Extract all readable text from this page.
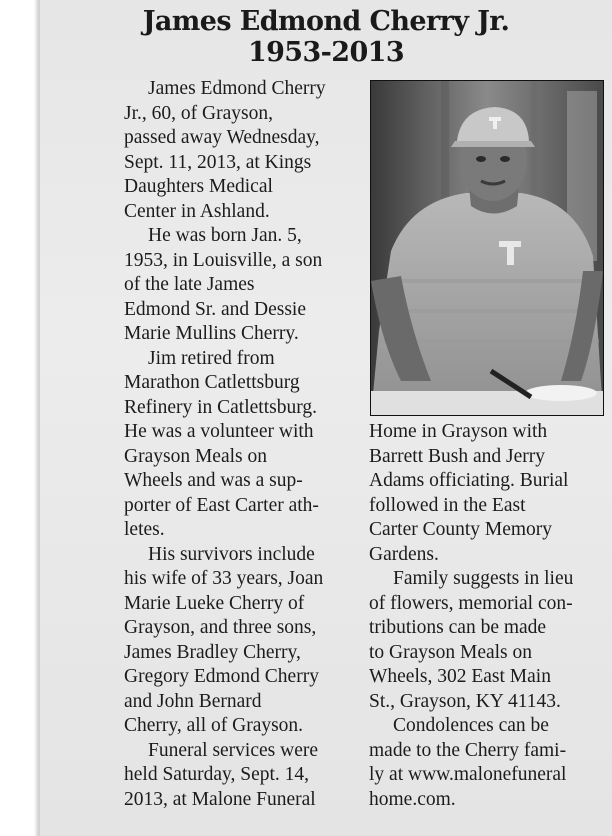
James Edmond Cherry Jr.
1953-2013
James Edmond Cherry
Jr., 60, of Grayson,
passed away Wednesday,
Sept. 11, 2013, at Kings
Daughters Medical
Center in Ashland.
He was born Jan. 5,
1953, in Louisville, a son
of the late James
Edmond Sr. and Dessie
Marie Mullins Cherry.
Jim retired from
Marathon Catlettsburg
Refinery in Catlettsburg.
He was a volunteer with
Grayson Meals on
Wheels and was a sup-
porter of East Carter ath-
letes.
His survivors include
his wife of 33 years, Joan
Marie Lueke Cherry of
Grayson, and three sons,
James Bradley Cherry,
Gregory Edmond Cherry
and John Bernard
Cherry, all of Grayson.
Funeral services were
held Saturday, Sept. 14,
2013, at Malone Funeral
Home in Grayson with
Barrett Bush and Jerry
Adams officiating. Burial
followed in the East
Carter County Memory
Gardens.
Family suggests in lieu
of flowers, memorial con-
tributions can be made
to Grayson Meals on
Wheels, 302 East Main
St., Grayson, KY 41143.
Condolences can be
made to the Cherry fami-
ly at www.malonefuneral
home.com.
